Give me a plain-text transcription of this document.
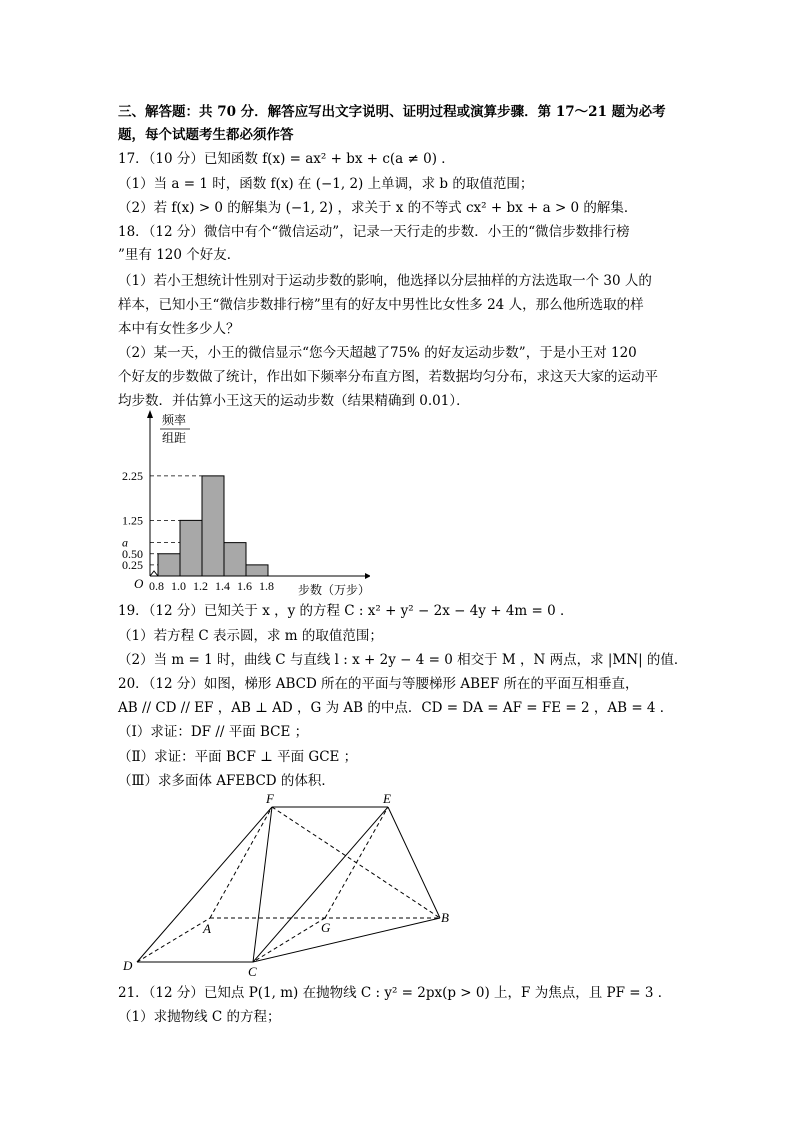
三、解答题：共 70 分．解答应写出文字说明、证明过程或演算步骤．第 17～21 题为必考
题，每个试题考生都必须作答
17．（10 分）已知函数 f(x) = ax² + bx + c(a ≠ 0) ．
（1）当 a = 1 时，函数 f(x) 在 (−1, 2) 上单调，求 b 的取值范围；
（2）若 f(x) > 0 的解集为 (−1, 2) ，求关于 x 的不等式 cx² + bx + a > 0 的解集．
18．（12 分）微信中有个“微信运动”，记录一天行走的步数．小王的“微信步数排行榜
”里有 120 个好友．
（1）若小王想统计性别对于运动步数的影响，他选择以分层抽样的方法选取一个 30 人的
样本，已知小王“微信步数排行榜”里有的好友中男性比女性多 24 人，那么他所选取的样
本中有女性多少人？
（2）某一天，小王的微信显示“您今天超越了75% 的好友运动步数”，于是小王对 120
个好友的步数做了统计，作出如下频率分布直方图，若数据均匀分布，求这天大家的运动平
均步数．并估算小王这天的运动步数（结果精确到 0.01）．
0.25
0.50
a
1.25
2.25
0.8 1.0 1.2 1.4 1.6 1.8
O
频率
组距
步数（万步）
19．（12 分）已知关于 x ，y 的方程 C : x² + y² − 2x − 4y + 4m = 0 ．
（1）若方程 C 表示圆，求 m 的取值范围；
（2）当 m = 1 时，曲线 C 与直线 l : x + 2y − 4 = 0 相交于 M ，N 两点，求 |MN| 的值．
20．（12 分）如图，梯形 ABCD 所在的平面与等腰梯形 ABEF 所在的平面互相垂直，
AB // CD // EF ，AB ⊥ AD ，G 为 AB 的中点．CD = DA = AF = FE = 2 ，AB = 4 ．
（Ⅰ）求证：DF // 平面 BCE ；
（Ⅱ）求证：平面 BCF ⊥ 平面 GCE ；
（Ⅲ）求多面体 AFEBCD 的体积．
F	E
A	G
B
D	C
21．（12 分）已知点 P(1, m) 在抛物线 C : y² = 2px(p > 0) 上，F 为焦点，且 PF = 3 ．
（1）求抛物线 C 的方程；
